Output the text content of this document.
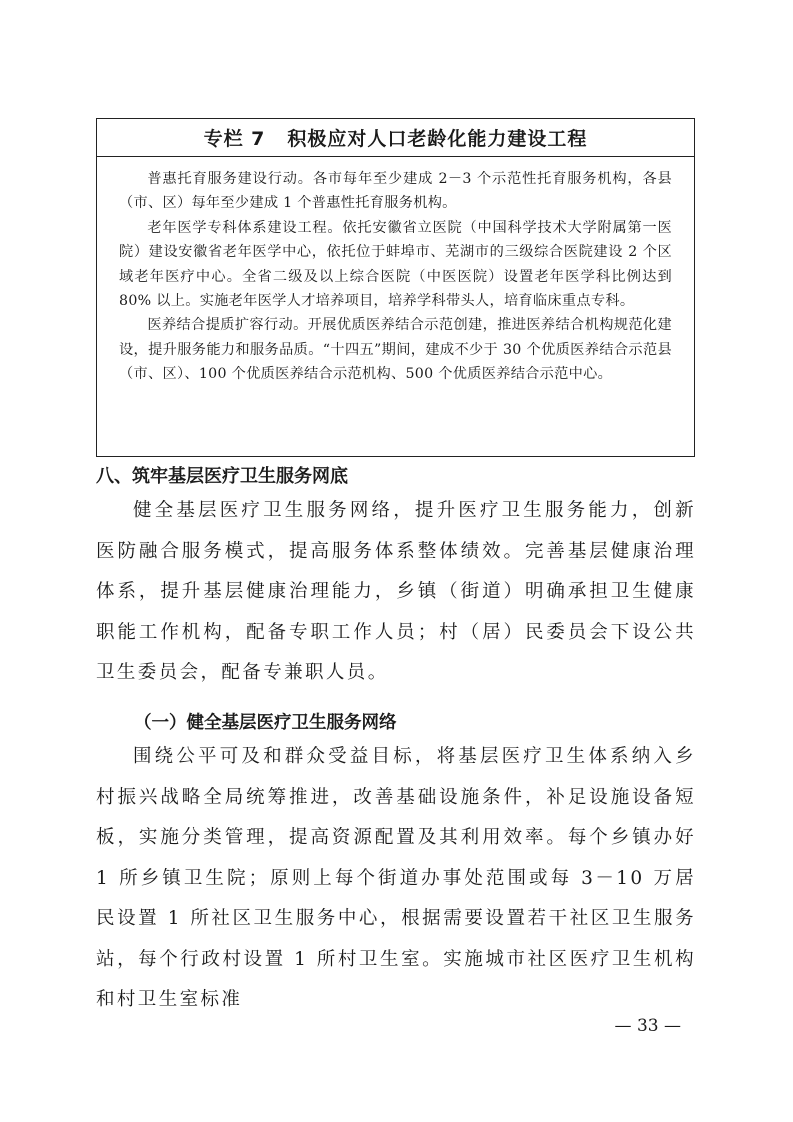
专栏 7 积极应对人口老龄化能力建设工程

普惠托育服务建设行动。各市每年至少建成 2－3 个示范性托育服务机构，各县（市、区）每年至少建成 1 个普惠性托育服务机构。

老年医学专科体系建设工程。依托安徽省立医院（中国科学技术大学附属第一医院）建设安徽省老年医学中心，依托位于蚌埠市、芜湖市的三级综合医院建设 2 个区域老年医疗中心。全省二级及以上综合医院（中医医院）设置老年医学科比例达到 80% 以上。实施老年医学人才培养项目，培养学科带头人，培育临床重点专科。

医养结合提质扩容行动。开展优质医养结合示范创建，推进医养结合机构规范化建设，提升服务能力和服务品质。“十四五”期间，建成不少于 30 个优质医养结合示范县（市、区）、100 个优质医养结合示范机构、500 个优质医养结合示范中心。

八、筑牢基层医疗卫生服务网底

健全基层医疗卫生服务网络，提升医疗卫生服务能力，创新医防融合服务模式，提高服务体系整体绩效。完善基层健康治理体系，提升基层健康治理能力，乡镇（街道）明确承担卫生健康职能工作机构，配备专职工作人员；村（居）民委员会下设公共卫生委员会，配备专兼职人员。

（一）健全基层医疗卫生服务网络

围绕公平可及和群众受益目标，将基层医疗卫生体系纳入乡村振兴战略全局统筹推进，改善基础设施条件，补足设施设备短板，实施分类管理，提高资源配置及其利用效率。每个乡镇办好 1 所乡镇卫生院；原则上每个街道办事处范围或每 3－10 万居民设置 1 所社区卫生服务中心，根据需要设置若干社区卫生服务站，每个行政村设置 1 所村卫生室。实施城市社区医疗卫生机构和村卫生室标准

— 33 —
